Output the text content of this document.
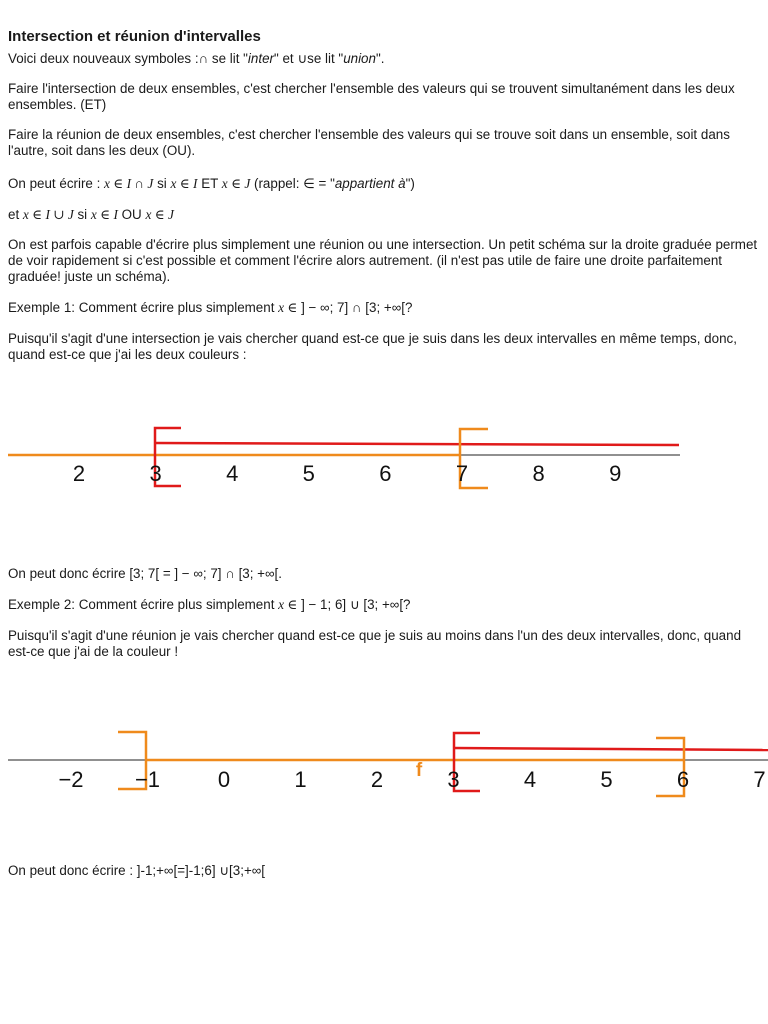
Intersection et réunion d'intervalles

Voici deux nouveaux symboles :∩ se lit "inter" et ∪se lit "union".

Faire l'intersection de deux ensembles, c'est chercher l'ensemble des valeurs qui se trouvent simultanément dans les deux ensembles. (ET)

Faire la réunion de deux ensembles, c'est chercher l'ensemble des valeurs qui se trouve soit dans un ensemble, soit dans l'autre, soit dans les deux (OU).

On peut écrire : x ∈ I ∩ J si x ∈ I ET x ∈ J (rappel: ∈ = "appartient à")

et x ∈ I ∪ J si x ∈ I OU x ∈ J

On est parfois capable d'écrire plus simplement une réunion ou une intersection. Un petit schéma sur la droite graduée permet de voir rapidement si c'est possible et comment l'écrire alors autrement. (il n'est pas utile de faire une droite parfaitement graduée! juste un schéma).

Exemple 1: Comment écrire plus simplement x ∈ ] − ∞; 7] ∩ [3; +∞[?

Puisqu'il s'agit d'une intersection je vais chercher quand est-ce que je suis dans les deux intervalles en même temps, donc, quand est-ce que j'ai les deux couleurs :

On peut donc écrire [3; 7[ = ] − ∞; 7] ∩ [3; +∞[.

Exemple 2: Comment écrire plus simplement x ∈ ] − 1; 6] ∪ [3; +∞[?

Puisqu'il s'agit d'une réunion je vais chercher quand est-ce que je suis au moins dans l'un des deux intervalles, donc, quand est-ce que j'ai de la couleur !

On peut donc écrire : ]-1;+∞[=]-1;6] ∪[3;+∞[

2	3	4	5	6	7	8	9
f
−2 −1	0	1	2	3	4	5	6	7
